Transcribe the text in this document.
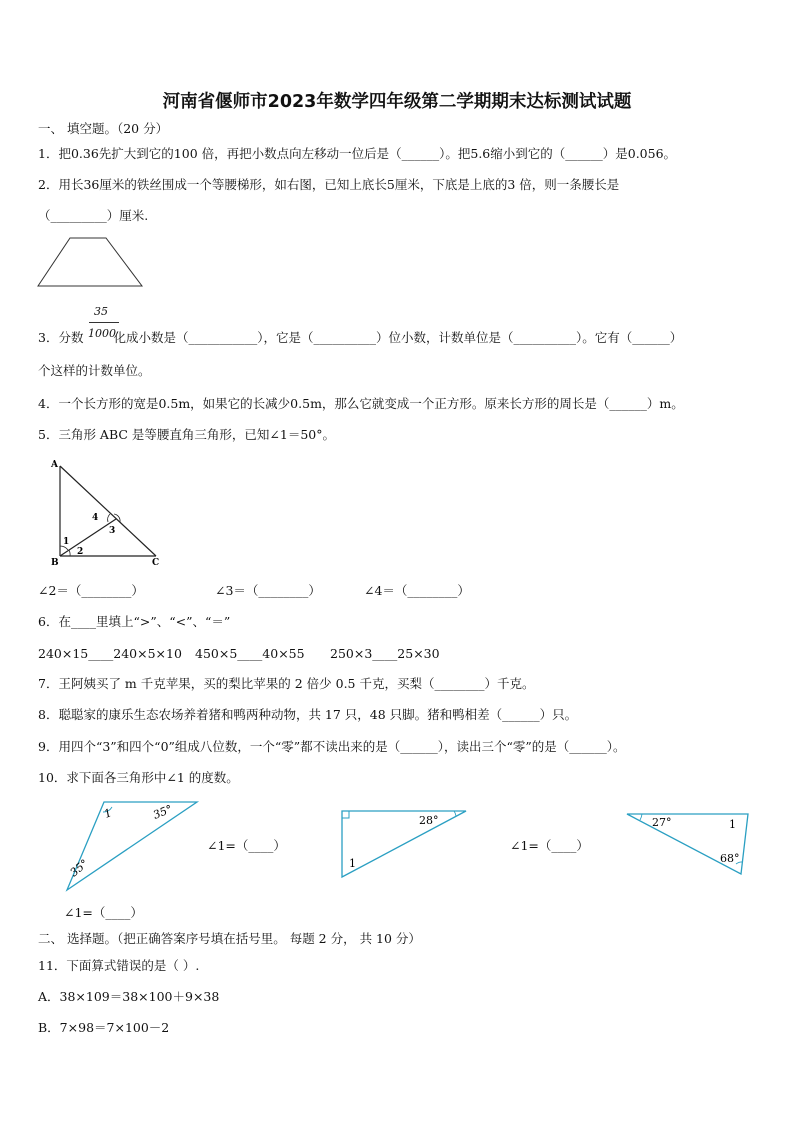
河南省偃师市2023年数学四年级第二学期期末达标测试试题
一、 填空题。（20 分）
1．把0.36先扩大到它的100 倍，再把小数点向左移动一位后是（______）。把5.6缩小到它的（______）是0.056。
2．用长36厘米的铁丝围成一个等腰梯形，如右图，已知上底长5厘米，下底是上底的3 倍，则一条腰长是
（_________）厘米.
35
1000
3．分数 化成小数是（___________），它是（__________）位小数，计数单位是（__________）。它有（______）
个这样的计数单位。
4．一个长方形的宽是0.5m，如果它的长减少0.5m，那么它就变成一个正方形。原来长方形的周长是（______）m。
5．三角形 ABC 是等腰直角三角形，已知∠1＝50°。
A
B	C
1
2
3
4
∠2＝（________）	∠3＝（________）	∠4＝（________）
6．在____里填上“>”、“<”、“＝”
240×15____240×5×10 450×5____40×55 250×3____25×30
7．王阿姨买了 m 千克苹果，买的梨比苹果的 2 倍少 0.5 千克，买梨（________）千克。
8．聪聪家的康乐生态农场养着猪和鸭两种动物，共 17 只，48 只脚。猪和鸭相差（______）只。
9．用四个“3”和四个“0”组成八位数，一个“零”都不读出来的是（______），读出三个“零”的是（______）。
10．求下面各三角形中∠1 的度数。
1	35°
35°
∠1=（____）
28°
1
∠1=（____）
27°	1
68°
∠1=（____）
二、 选择题。（把正确答案序号填在括号里。 每题 2 分， 共 10 分）
11．下面算式错误的是（ ）.
A．38×109＝38×100＋9×38
B．7×98＝7×100－2
